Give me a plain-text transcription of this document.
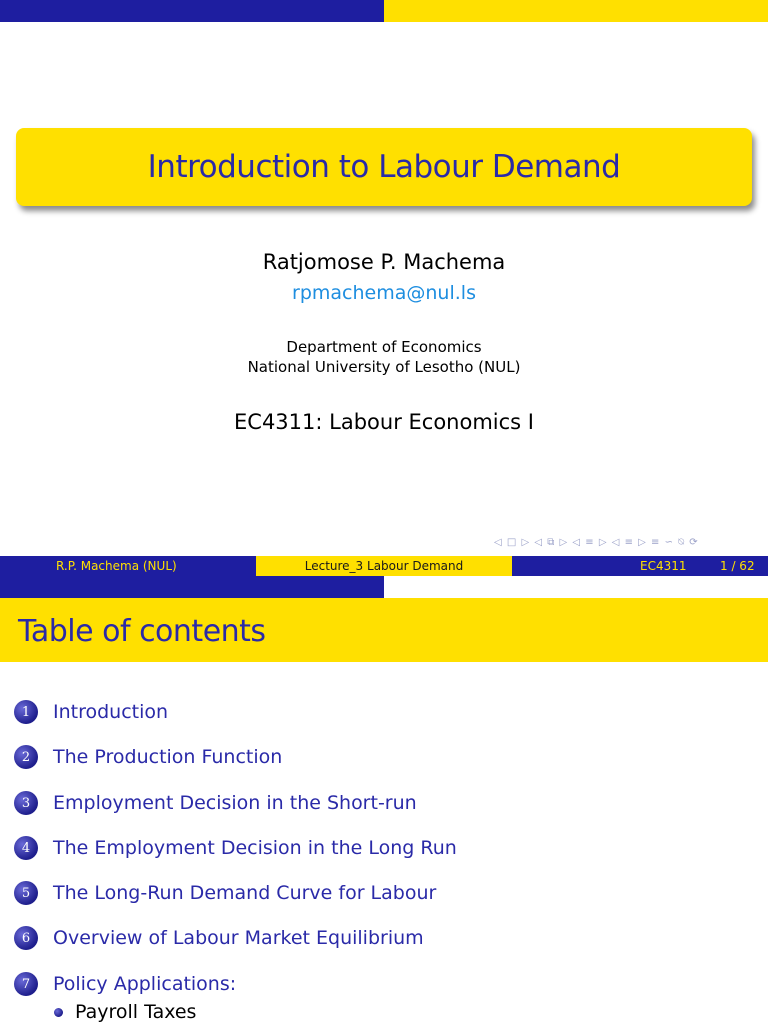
Introduction to Labour Demand
Ratjomose P. Machema
rpmachema@nul.ls
Department of Economics
National University of Lesotho (NUL)
EC4311: Labour Economics I
◁ □ ▷ ◁ ⧉ ▷ ◁ ≡ ▷ ◁ ≡ ▷ ≡ ∽ ⍉ ⟳
R.P. Machema (NUL)	Lecture_3 Labour Demand	EC4311	1 / 62
Table of contents
1	Introduction
2	The Production Function
3	Employment Decision in the Short-run
4	The Employment Decision in the Long Run
5	The Long-Run Demand Curve for Labour
6	Overview of Labour Market Equilibrium
7	Policy Applications:
Payroll Taxes
